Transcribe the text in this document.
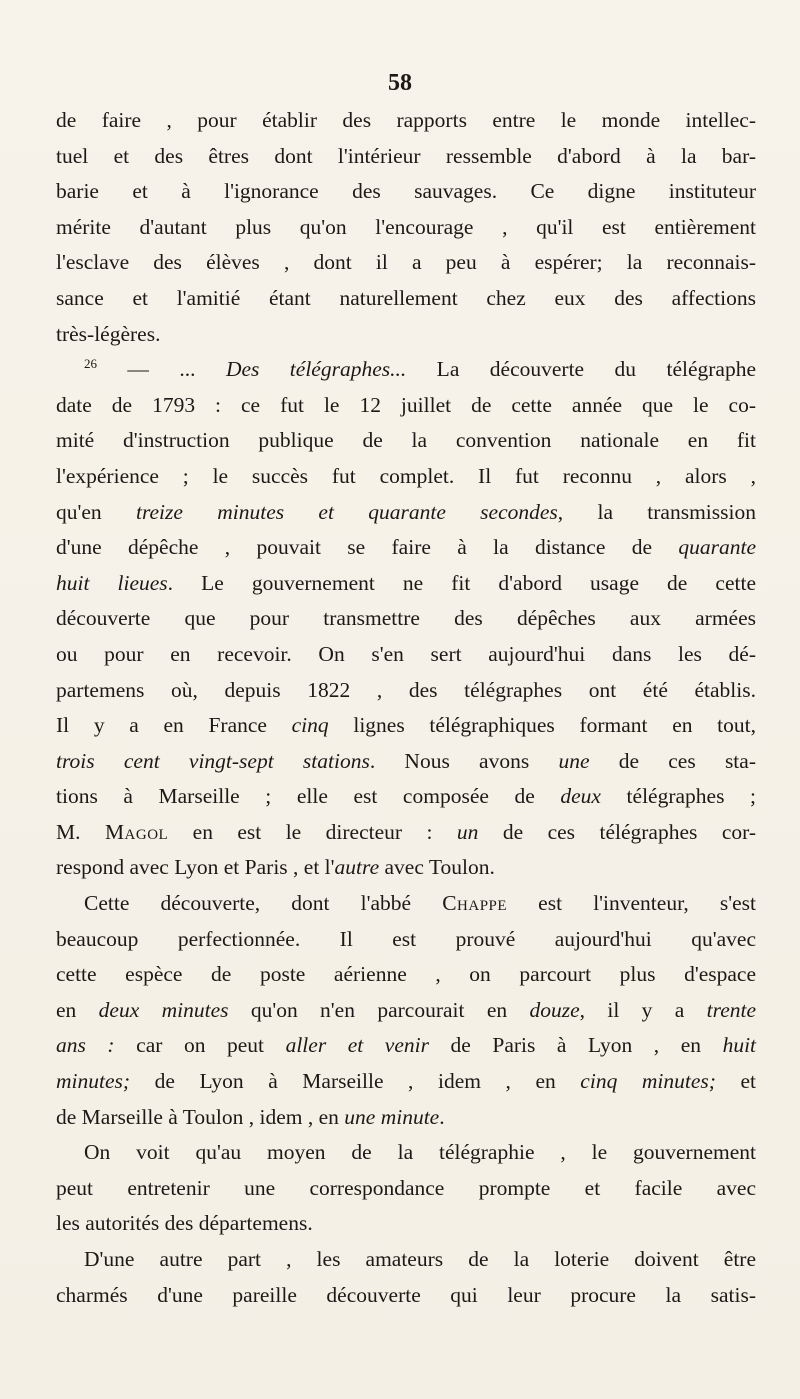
58
de faire , pour établir des rapports entre le monde intellec-
tuel et des êtres dont l'intérieur ressemble d'abord à la bar-
barie et à l'ignorance des sauvages. Ce digne instituteur
mérite d'autant plus qu'on l'encourage , qu'il est entièrement
l'esclave des élèves , dont il a peu à espérer; la reconnais-
sance et l'amitié étant naturellement chez eux des affections
très-légères.
$^{26}$ — ... Des télégraphes... La découverte du télégraphe
date de 1793 : ce fut le 12 juillet de cette année que le co-
mité d'instruction publique de la convention nationale en fit
l'expérience ; le succès fut complet. Il fut reconnu , alors ,
qu'en treize minutes et quarante secondes, la transmission
d'une dépêche , pouvait se faire à la distance de quarante
huit lieues. Le gouvernement ne fit d'abord usage de cette
découverte que pour transmettre des dépêches aux armées
ou pour en recevoir. On s'en sert aujourd'hui dans les dé-
partemens où, depuis 1822 , des télégraphes ont été établis.
Il y a en France cinq lignes télégraphiques formant en tout,
trois cent vingt-sept stations. Nous avons une de ces sta-
tions à Marseille ; elle est composée de deux télégraphes ;
M. Magol en est le directeur : un de ces télégraphes cor-
respond avec Lyon et Paris , et l'autre avec Toulon.
Cette découverte, dont l'abbé Chappe est l'inventeur, s'est
beaucoup perfectionnée. Il est prouvé aujourd'hui qu'avec
cette espèce de poste aérienne , on parcourt plus d'espace
en deux minutes qu'on n'en parcourait en douze, il y a trente
ans : car on peut aller et venir de Paris à Lyon , en huit
minutes; de Lyon à Marseille , idem , en cinq minutes; et
de Marseille à Toulon , idem , en une minute.
On voit qu'au moyen de la télégraphie , le gouvernement
peut entretenir une correspondance prompte et facile avec
les autorités des départemens.
D'une autre part , les amateurs de la loterie doivent être
charmés d'une pareille découverte qui leur procure la satis-
